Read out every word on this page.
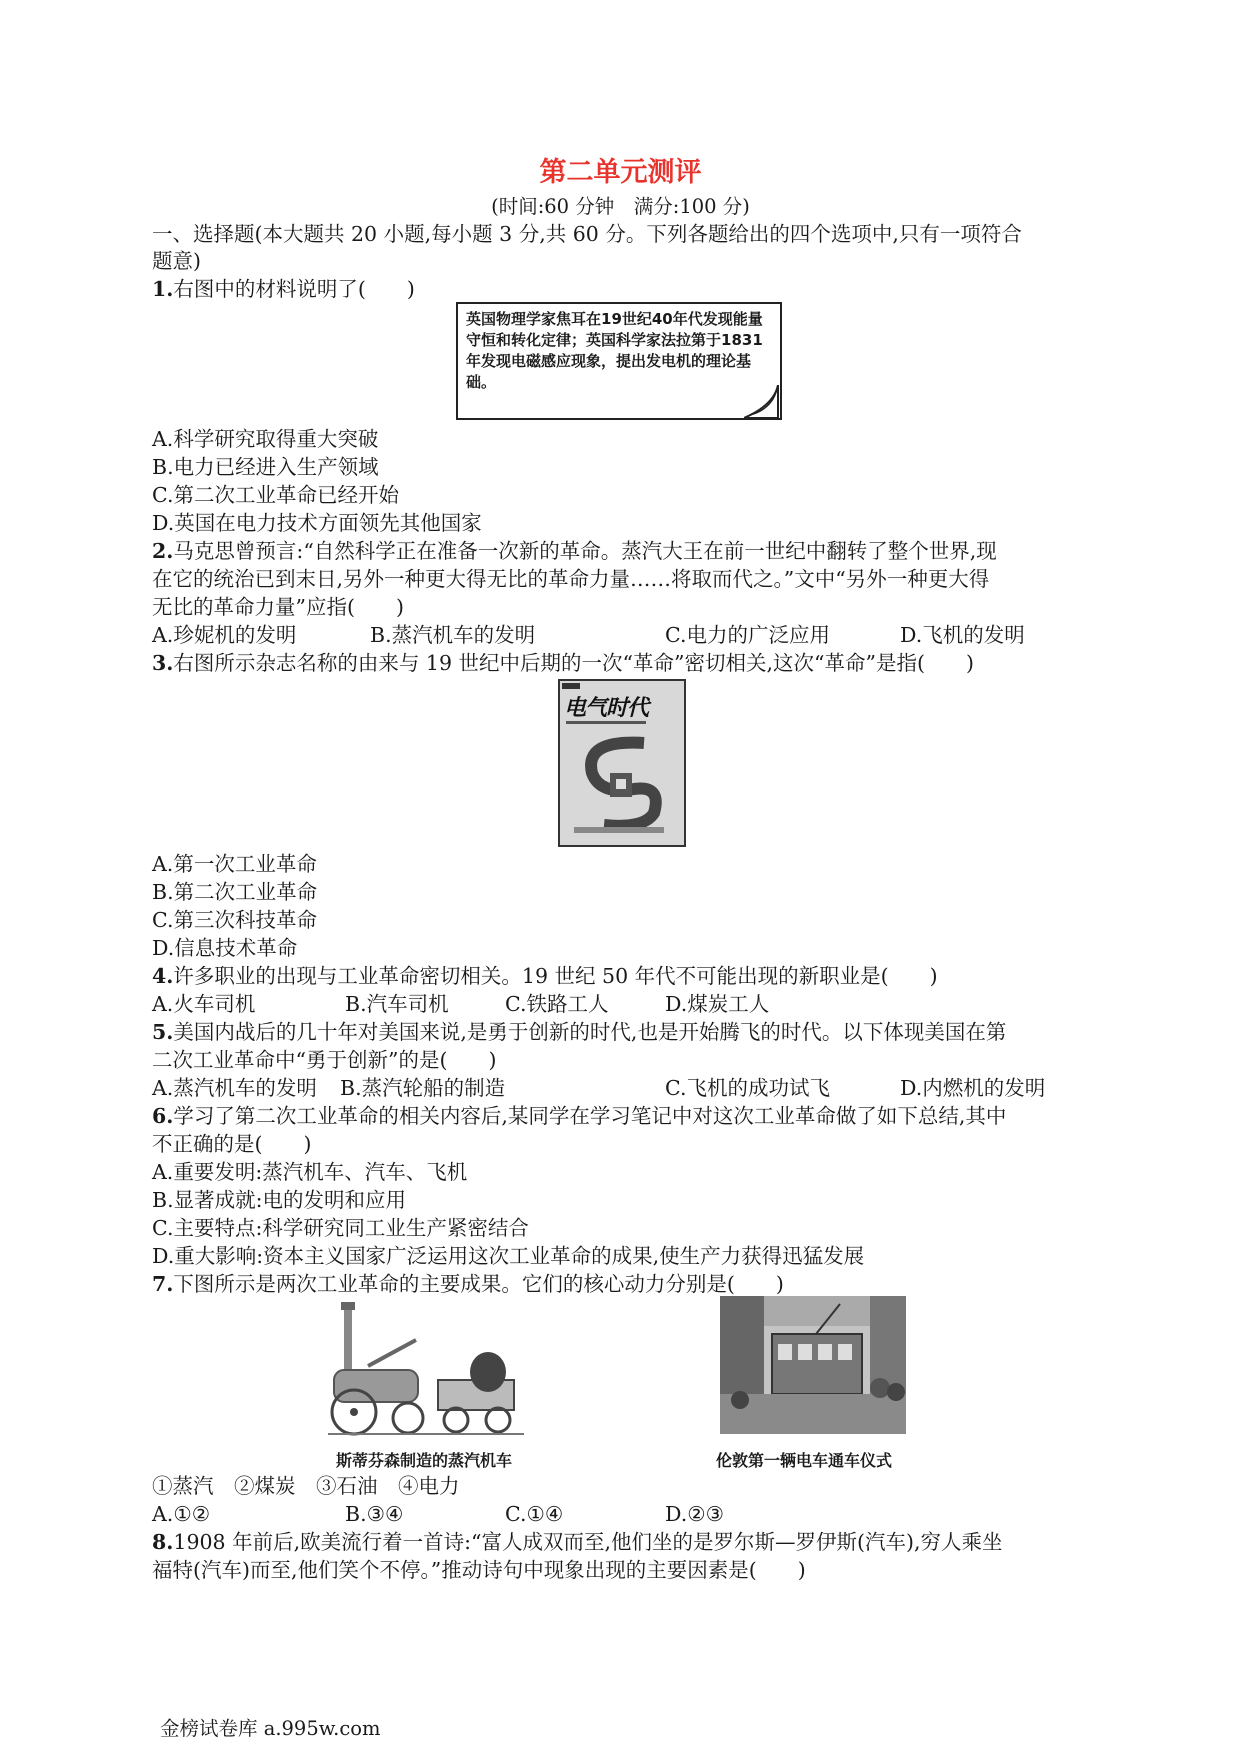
第二单元测评
(时间:60 分钟　满分:100 分)
一、选择题(本大题共 20 小题,每小题 3 分,共 60 分。下列各题给出的四个选项中,只有一项符合
题意)
1.右图中的材料说明了(　　)
英国物理学家焦耳在19世纪40年代发现能量守恒和转化定律；英国科学家法拉第于1831年发现电磁感应现象，提出发电机的理论基础。
A.科学研究取得重大突破
B.电力已经进入生产领域
C.第二次工业革命已经开始
D.英国在电力技术方面领先其他国家
2.马克思曾预言:“自然科学正在准备一次新的革命。蒸汽大王在前一世纪中翻转了整个世界,现
在它的统治已到末日,另外一种更大得无比的革命力量……将取而代之。”文中“另外一种更大得
无比的革命力量”应指(　　)
A.珍妮机的发明	B.蒸汽机车的发明	C.电力的广泛应用	D.飞机的发明
3.右图所示杂志名称的由来与 19 世纪中后期的一次“革命”密切相关,这次“革命”是指(　　)
电气时代
A.第一次工业革命
B.第二次工业革命
C.第三次科技革命
D.信息技术革命
4.许多职业的出现与工业革命密切相关。19 世纪 50 年代不可能出现的新职业是(　　)
A.火车司机	B.汽车司机	C.铁路工人	D.煤炭工人
5.美国内战后的几十年对美国来说,是勇于创新的时代,也是开始腾飞的时代。以下体现美国在第
二次工业革命中“勇于创新”的是(　　)
A.蒸汽机车的发明 B.蒸汽轮船的制造	C.飞机的成功试飞	D.内燃机的发明
6.学习了第二次工业革命的相关内容后,某同学在学习笔记中对这次工业革命做了如下总结,其中
不正确的是(　　)
A.重要发明:蒸汽机车、汽车、飞机
B.显著成就:电的发明和应用
C.主要特点:科学研究同工业生产紧密结合
D.重大影响:资本主义国家广泛运用这次工业革命的成果,使生产力获得迅猛发展
7.下图所示是两次工业革命的主要成果。它们的核心动力分别是(　　)
斯蒂芬森制造的蒸汽机车	伦敦第一辆电车通车仪式
①蒸汽　②煤炭　③石油　④电力
A.①②	B.③④	C.①④	D.②③
8.1908 年前后,欧美流行着一首诗:“富人成双而至,他们坐的是罗尔斯—罗伊斯(汽车),穷人乘坐
福特(汽车)而至,他们笑个不停。”推动诗句中现象出现的主要因素是(　　)
金榜试卷库 a.995w.com
